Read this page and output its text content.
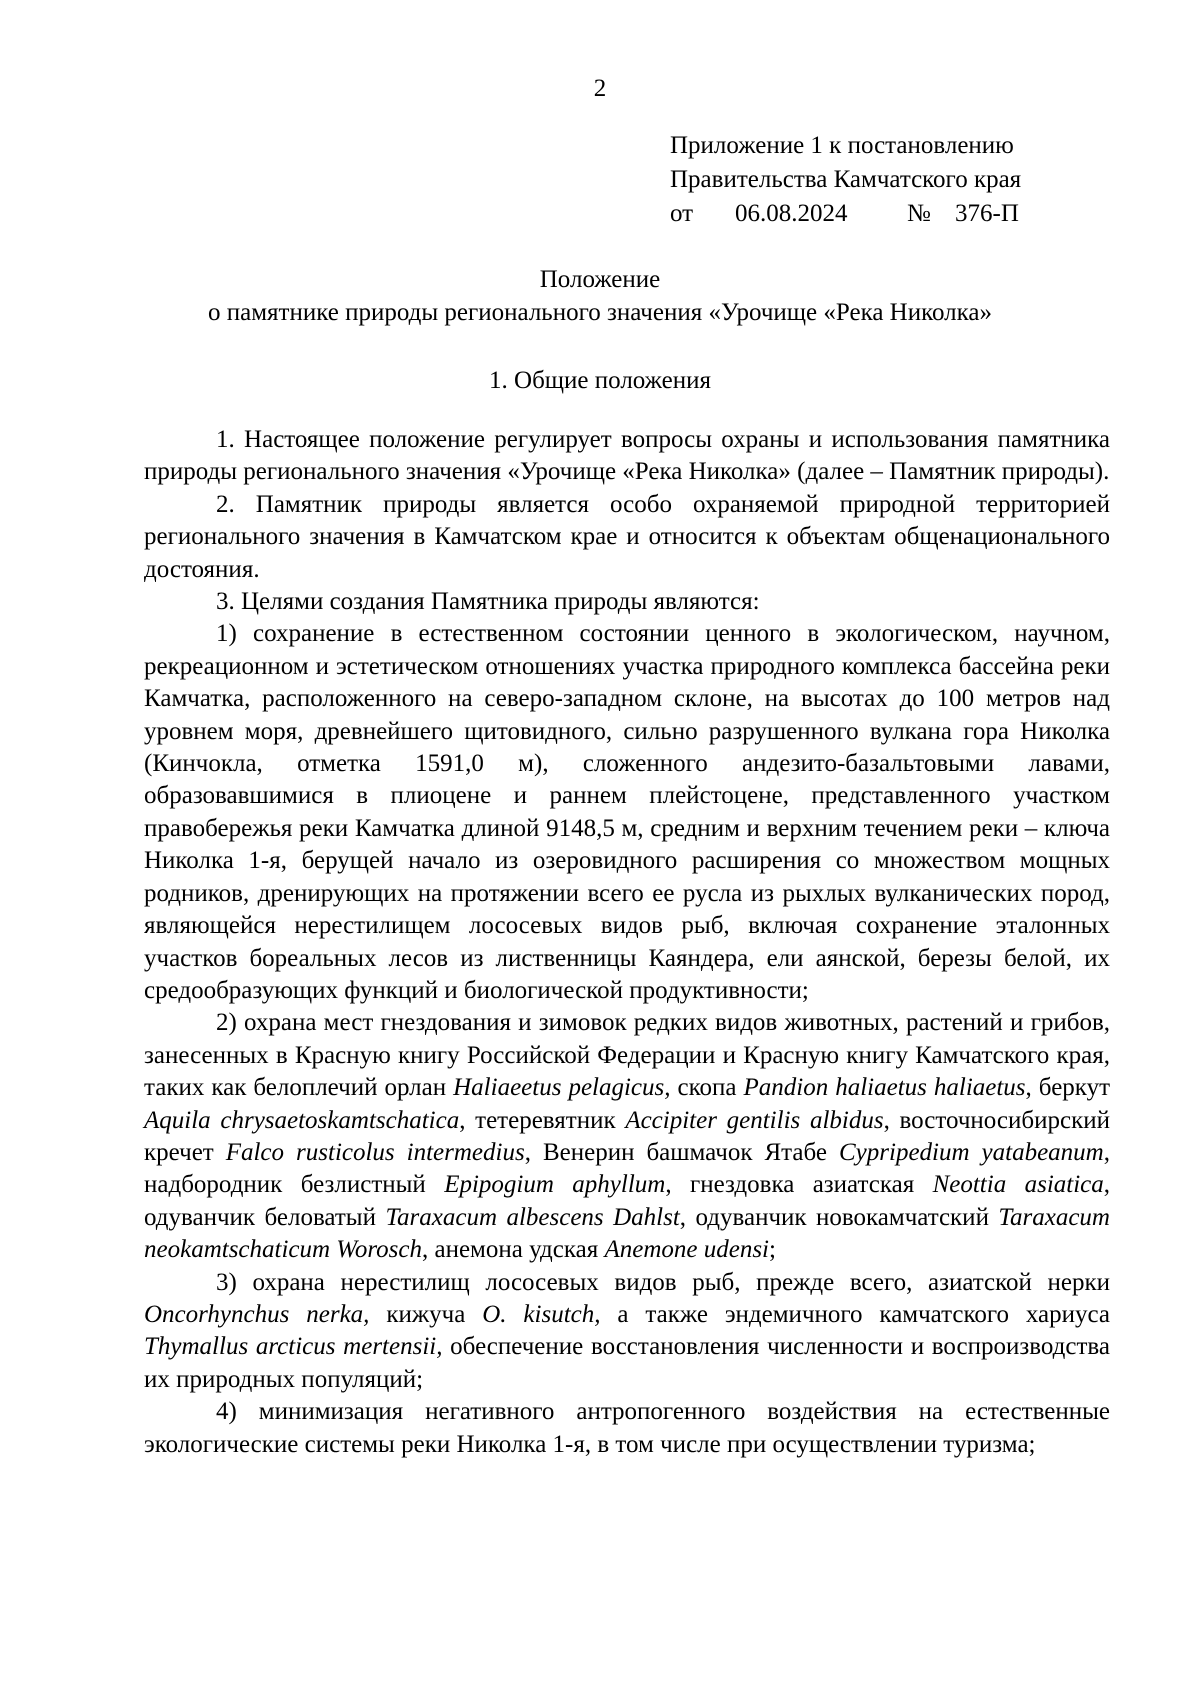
2
Приложение 1 к постановлению
Правительства Камчатского края
от 06.08.2024 № 376-П
Положение
о памятнике природы регионального значения «Урочище «Река Николка»
1. Общие положения

1. Настоящее положение регулирует вопросы охраны и использования памятника природы регионального значения «Урочище «Река Николка» (далее – Памятник природы).

2. Памятник природы является особо охраняемой природной территорией регионального значения в Камчатском крае и относится к объектам общенационального достояния.

3. Целями создания Памятника природы являются:

1) сохранение в естественном состоянии ценного в экологическом, научном, рекреационном и эстетическом отношениях участка природного комплекса бассейна реки Камчатка, расположенного на северо-западном склоне, на высотах до 100 метров над уровнем моря, древнейшего щитовидного, сильно разрушенного вулкана гора Николка (Кинчокла, отметка 1591,0 м), сложенного андезито-базальтовыми лавами, образовавшимися в плиоцене и раннем плейстоцене, представленного участком правобережья реки Камчатка длиной 9148,5 м, средним и верхним течением реки – ключа Николка 1-я, берущей начало из озеровидного расширения со множеством мощных родников, дренирующих на протяжении всего ее русла из рыхлых вулканических пород, являющейся нерестилищем лососевых видов рыб, включая сохранение эталонных участков бореальных лесов из лиственницы Каяндера, ели аянской, березы белой, их средообразующих функций и биологической продуктивности;

2) охрана мест гнездования и зимовок редких видов животных, растений и грибов, занесенных в Красную книгу Российской Федерации и Красную книгу Камчатского края, таких как белоплечий орлан Haliaeetus pelagicus, скопа Pandion haliaetus haliaetus, беркут Aquila chrysaetoskamtschatica, тетеревятник Accipiter gentilis albidus, восточносибирский кречет Falco rusticolus intermedius, Венерин башмачок Ятабе Cypripedium yatabeanum, надбородник безлистный Epipogium aphyllum, гнездовка азиатская Neottia asiatica, одуванчик беловатый Taraxacum albescens Dahlst, одуванчик новокамчатский Taraxacum neokamtschaticum Worosch, анемона удская Anemone udensi;

3) охрана нерестилищ лососевых видов рыб, прежде всего, азиатской нерки Oncorhynchus nerka, кижуча O. kisutch, а также эндемичного камчатского хариуса Thymallus arcticus mertensii, обеспечение восстановления численности и воспроизводства их природных популяций;

4) минимизация негативного антропогенного воздействия на естественные экологические системы реки Николка 1-я, в том числе при осуществлении туризма;
